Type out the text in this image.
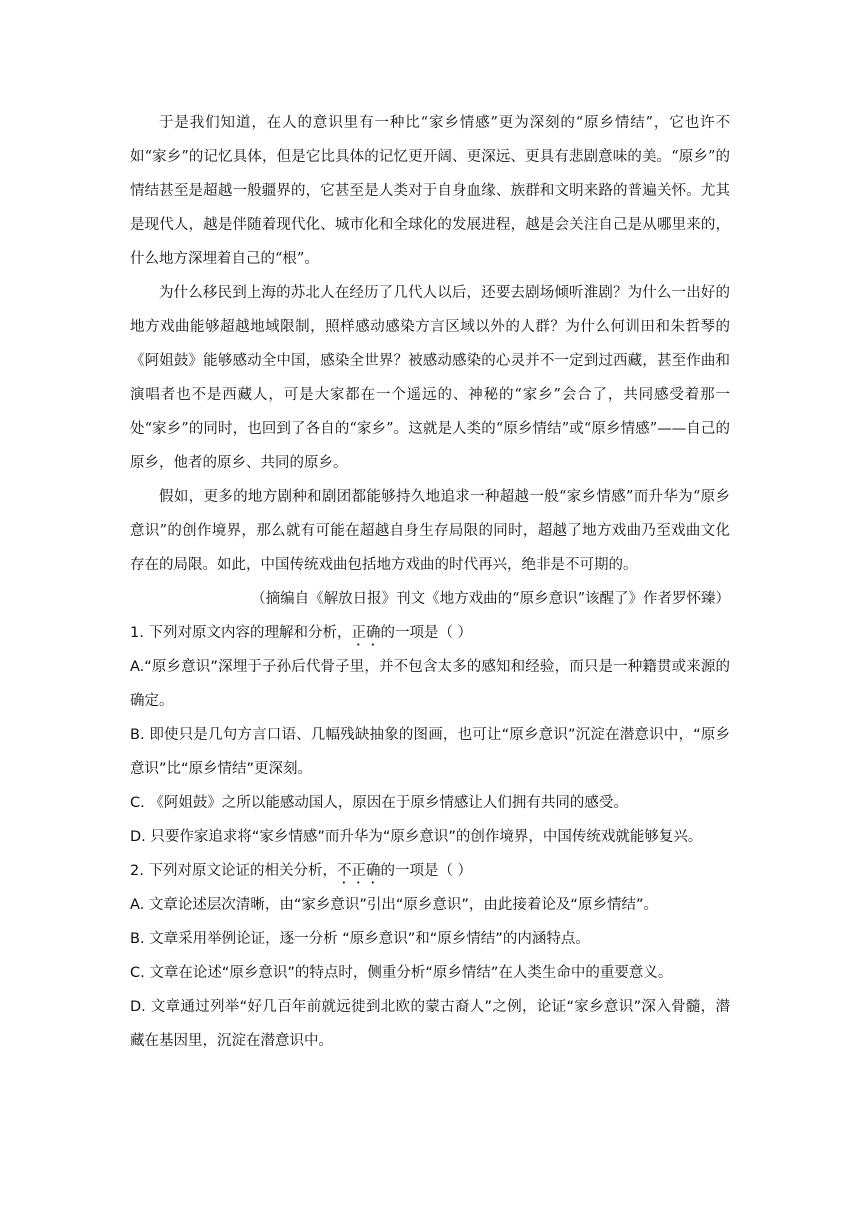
于是我们知道，在人的意识里有一种比“家乡情感”更为深刻的“原乡情结”，它也许不如“家乡”的记忆具体，但是它比具体的记忆更开阔、更深远、更具有悲剧意味的美。“原乡”的情结甚至是超越一般疆界的，它甚至是人类对于自身血缘、族群和文明来路的普遍关怀。尤其是现代人，越是伴随着现代化、城市化和全球化的发展进程，越是会关注自己是从哪里来的，什么地方深埋着自己的“根”。

为什么移民到上海的苏北人在经历了几代人以后，还要去剧场倾听淮剧？为什么一出好的地方戏曲能够超越地域限制，照样感动感染方言区域以外的人群？为什么何训田和朱哲琴的《阿姐鼓》能够感动全中国，感染全世界？被感动感染的心灵并不一定到过西藏，甚至作曲和演唱者也不是西藏人，可是大家都在一个遥远的、神秘的“家乡”会合了，共同感受着那一处“家乡”的同时，也回到了各自的“家乡”。这就是人类的“原乡情结”或“原乡情感”——自己的原乡，他者的原乡、共同的原乡。

假如，更多的地方剧种和剧团都能够持久地追求一种超越一般“家乡情感”而升华为“原乡意识”的创作境界，那么就有可能在超越自身生存局限的同时，超越了地方戏曲乃至戏曲文化存在的局限。如此，中国传统戏曲包括地方戏曲的时代再兴，绝非是不可期的。

（摘编自《解放日报》刊文《地方戏曲的“原乡意识”该醒了》作者罗怀臻）

1. 下列对原文内容的理解和分析，正确的一项是（ ）

A.“原乡意识”深埋于子孙后代骨子里，并不包含太多的感知和经验，而只是一种籍贯或来源的确定。

B. 即使只是几句方言口语、几幅残缺抽象的图画，也可让“原乡意识”沉淀在潜意识中，“原乡意识”比“原乡情结”更深刻。

C. 《阿姐鼓》之所以能感动国人，原因在于原乡情感让人们拥有共同的感受。

D. 只要作家追求将“家乡情感”而升华为“原乡意识”的创作境界，中国传统戏就能够复兴。

2. 下列对原文论证的相关分析，不正确的一项是（ ）

A. 文章论述层次清晰，由“家乡意识”引出“原乡意识”，由此接着论及“原乡情结”。

B. 文章采用举例论证，逐一分析 “原乡意识”和“原乡情结”的内涵特点。

C. 文章在论述“原乡意识”的特点时，侧重分析“原乡情结”在人类生命中的重要意义。

D. 文章通过列举“好几百年前就远徙到北欧的蒙古裔人”之例，论证“家乡意识”深入骨髓，潜藏在基因里，沉淀在潜意识中。
